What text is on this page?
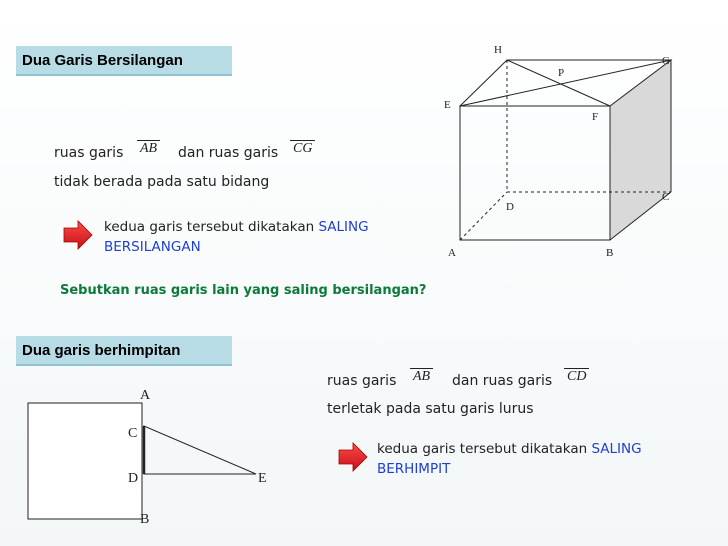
Dua Garis Bersilangan
ruas garis AB dan ruas garis CG
tidak berada pada satu bidang
kedua garis tersebut dikatakan SALING
BERSILANGAN
Sebutkan ruas garis lain yang saling bersilangan?
H
G
P
E
F
D
C
A	B
Dua garis berhimpitan
A
C
D	E
B
ruas garis AB dan ruas garis CD
terletak pada satu garis lurus
kedua garis tersebut dikatakan SALING
BERHIMPIT
